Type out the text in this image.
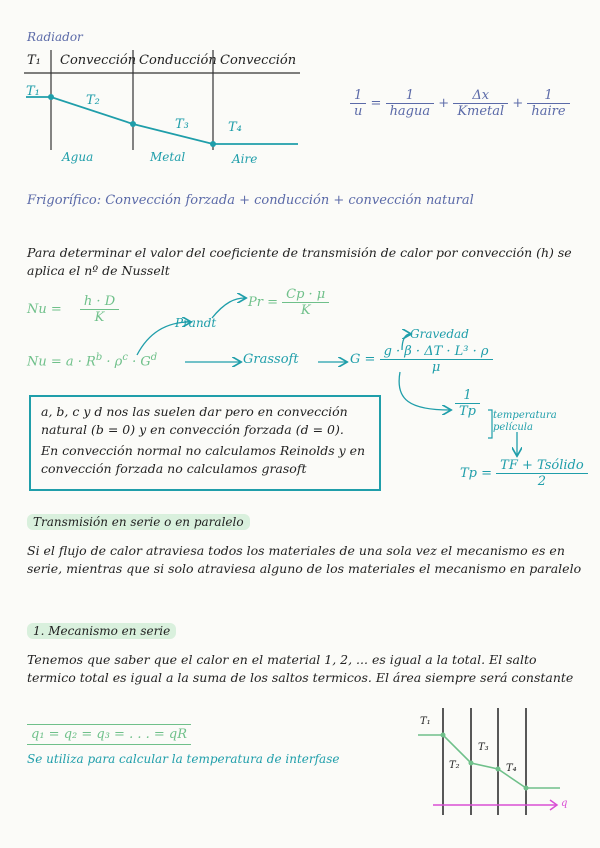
Radiador
T₁ Convección Conducción Convección
T₁
T₂
T₃	T₄
Agua	Metal	Aire
$\frac{1}{u} = \frac{1}{\text{hagua}} + \frac{\Delta x}{\text{Kmetal}} + \frac{1}{\text{haire}}$
Frigorífico: Convección forzada + conducción + convección natural
Para determinar el valor del coeficiente de transmisión de calor por convección (h) se aplica el nº de Nusselt
$Nu = \frac{h \cdot D}{K}$	$Pr = \frac{Cp \cdot \mu}{K}$
Prandt
$Nu = a \cdot R^b \cdot \rho^c \cdot G^d$	Grassoft	$G = \frac{\text{g · β · ΔT · L³ · ρ}}{\mu}$
Gravedad
$\frac{1}{Tp}$ temperatura película
$Tp = \frac{\text{TF + Tsólido}}{2}$

a, b, c y d nos las suelen dar pero en convección natural (b = 0) y en convección forzada (d = 0).

En convección normal no calculamos Reinolds y en convección forzada no calculamos grasoft

Transmisión en serie o en paralelo
Si el flujo de calor atraviesa todos los materiales de una sola vez el mecanismo es en serie, mientras que si solo atraviesa alguno de los materiales el mecanismo en paralelo
1. Mecanismo en serie
Tenemos que saber que el calor en el material 1, 2, ... es igual a la total. El salto termico total es igual a la suma de los saltos termicos. El área siempre será constante
q₁ = q₂ = q₃ = . . . = qR
Se utiliza para calcular la temperatura de interfase
T₁
T₂
T₃
T₄
q
